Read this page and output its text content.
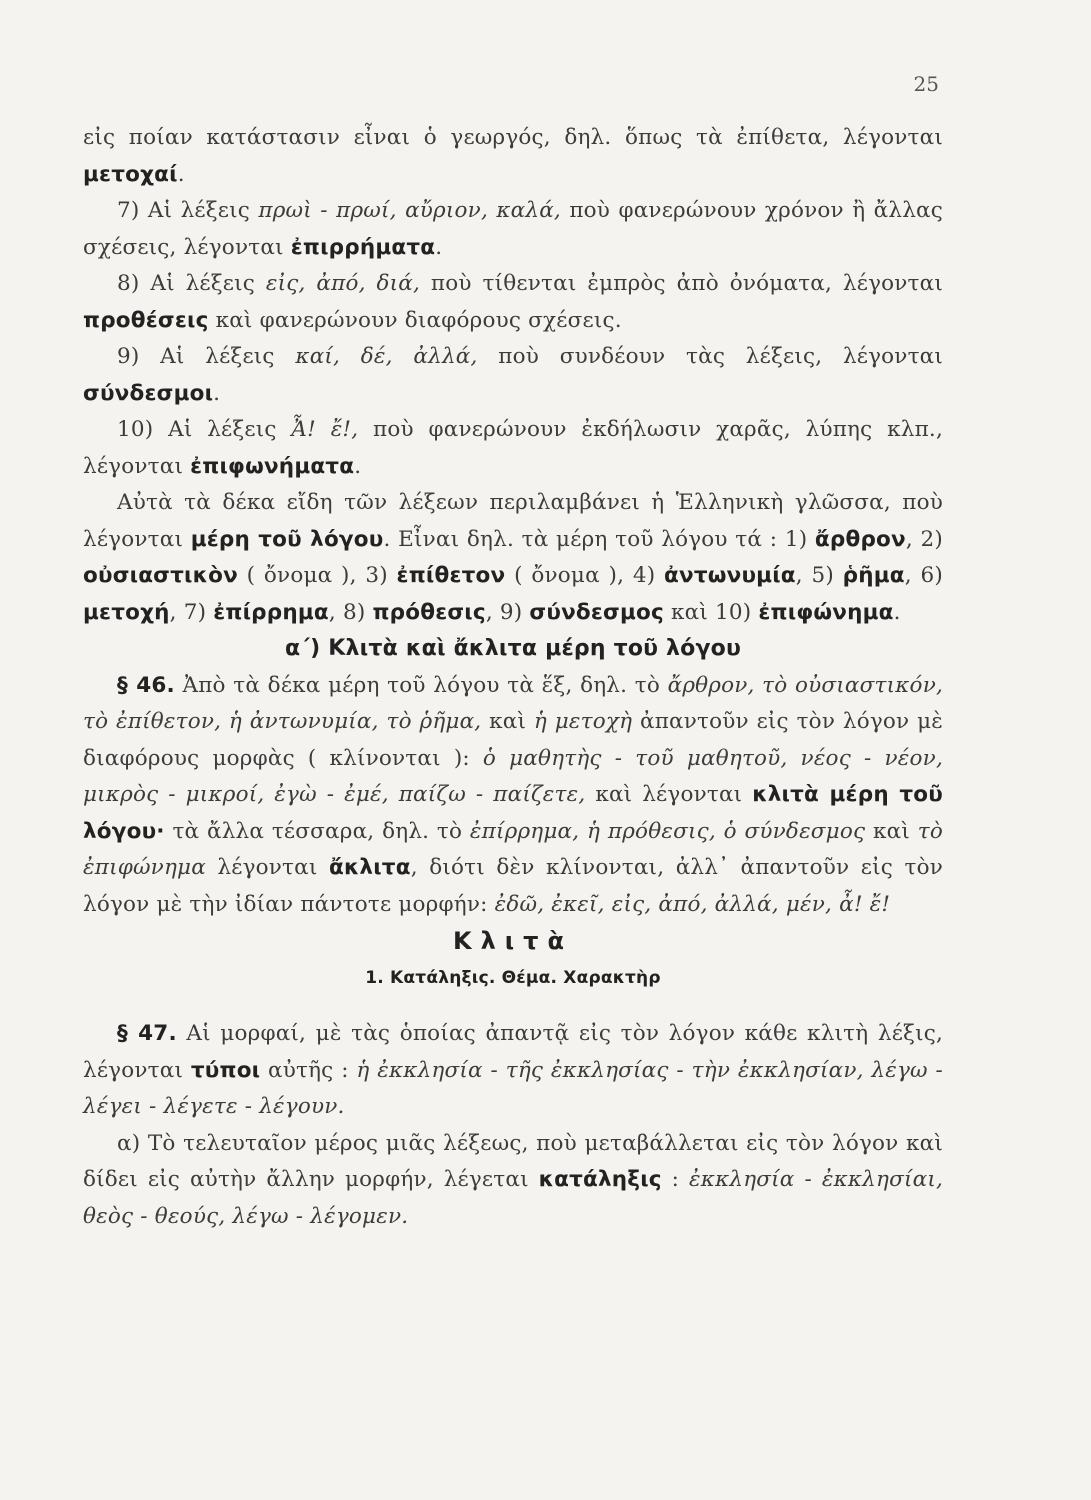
25

εἰς ποίαν κατάστασιν εἶναι ὁ γεωργός, δηλ. ὅπως τὰ ἐπίθετα, λέγονται μετοχαί.

7) Αἱ λέξεις πρωὶ - πρωί, αὔριον, καλά, ποὺ φανερώνουν χρόνον ἢ ἄλλας σχέσεις, λέγονται ἐπιρρήματα.

8) Αἱ λέξεις εἰς, ἀπό, διά, ποὺ τίθενται ἐμπρὸς ἀπὸ ὀνόματα, λέγονται προθέσεις καὶ φανερώνουν διαφόρους σχέσεις.

9) Αἱ λέξεις καί, δέ, ἀλλά, ποὺ συνδέουν τὰς λέξεις, λέγονται σύνδεσμοι.

10) Αἱ λέξεις Ἆ! ἔ!, ποὺ φανερώνουν ἐκδήλωσιν χαρᾶς, λύπης κλπ., λέγονται ἐπιφωνήματα.

Αὐτὰ τὰ δέκα εἴδη τῶν λέξεων περιλαμβάνει ἡ Ἑλληνικὴ γλῶσσα, ποὺ λέγονται μέρη τοῦ λόγου. Εἶναι δηλ. τὰ μέρη τοῦ λόγου τά : 1) ἄρθρον, 2) οὐσιαστικὸν ( ὄνομα ), 3) ἐπίθετον ( ὄνομα ), 4) ἀντωνυμία, 5) ῥῆμα, 6) μετοχή, 7) ἐπίρρημα, 8) πρόθεσις, 9) σύνδεσμος καὶ 10) ἐπιφώνημα.

α΄) Κλιτὰ καὶ ἄκλιτα μέρη τοῦ λόγου

§ 46. Ἀπὸ τὰ δέκα μέρη τοῦ λόγου τὰ ἕξ, δηλ. τὸ ἄρθρον, τὸ οὐσιαστικόν, τὸ ἐπίθετον, ἡ ἀντωνυμία, τὸ ῥῆμα, καὶ ἡ μετοχὴ ἀπαντοῦν εἰς τὸν λόγον μὲ διαφόρους μορφὰς ( κλίνονται ): ὁ μαθητὴς - τοῦ μαθητοῦ, νέος - νέον, μικρὸς - μικροί, ἐγὼ - ἐμέ, παίζω - παίζετε, καὶ λέγονται κλιτὰ μέρη τοῦ λόγου· τὰ ἄλλα τέσσαρα, δηλ. τὸ ἐπίρρημα, ἡ πρόθεσις, ὁ σύνδεσμος καὶ τὸ ἐπιφώνημα λέγονται ἄκλιτα, διότι δὲν κλίνονται, ἀλλ᾽ ἀπαντοῦν εἰς τὸν λόγον μὲ τὴν ἰδίαν πάντοτε μορφήν: ἐδῶ, ἐκεῖ, εἰς, ἀπό, ἀλλά, μέν, ἆ! ἔ!

Κλιτὰ

1. Κατάληξις. Θέμα. Χαρακτὴρ

§ 47. Αἱ μορφαί, μὲ τὰς ὁποίας ἀπαντᾷ εἰς τὸν λόγον κάθε κλιτὴ λέξις, λέγονται τύποι αὐτῆς : ἡ ἐκκλησία - τῆς ἐκκλησίας - τὴν ἐκκλησίαν, λέγω - λέγει - λέγετε - λέγουν.

α) Τὸ τελευταῖον μέρος μιᾶς λέξεως, ποὺ μεταβάλλεται εἰς τὸν λόγον καὶ δίδει εἰς αὐτὴν ἄλλην μορφήν, λέγεται κατάληξις : ἐκκλησία - ἐκκλησίαι, θεὸς - θεούς, λέγω - λέγομεν.
